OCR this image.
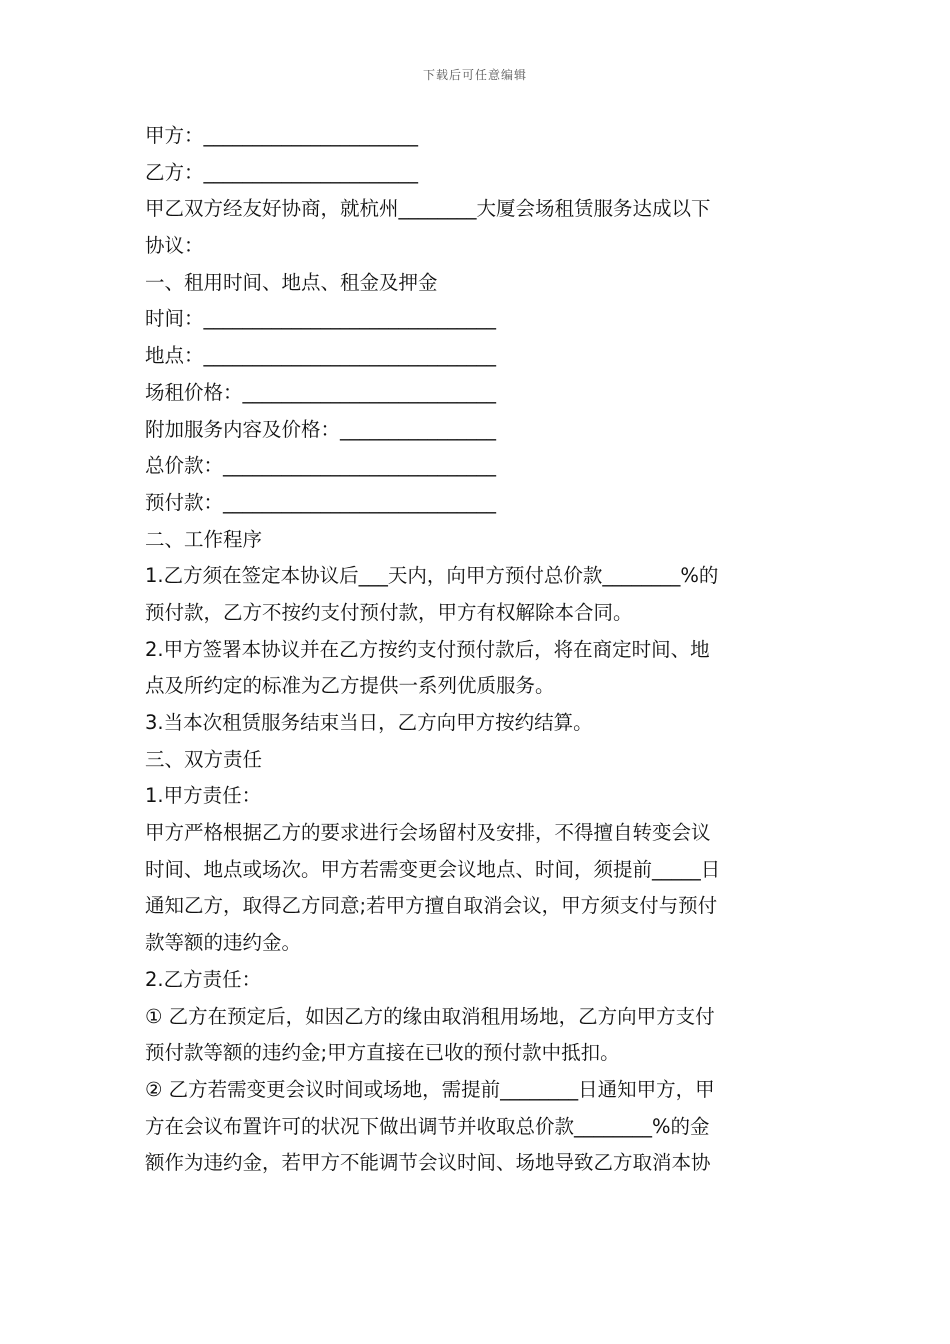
下载后可任意编辑
甲方：______________________
乙方：______________________
甲乙双方经友好协商，就杭州________大厦会场租赁服务达成以下
协议：
一、租用时间、地点、租金及押金
时间：______________________________
地点：______________________________
场租价格：__________________________
附加服务内容及价格：________________
总价款：____________________________
预付款：____________________________
二、工作程序
1.乙方须在签定本协议后___天内，向甲方预付总价款________%的
预付款，乙方不按约支付预付款，甲方有权解除本合同。
2.甲方签署本协议并在乙方按约支付预付款后，将在商定时间、地
点及所约定的标准为乙方提供一系列优质服务。
3.当本次租赁服务结束当日，乙方向甲方按约结算。
三、双方责任
1.甲方责任：
甲方严格根据乙方的要求进行会场留村及安排，不得擅自转变会议
时间、地点或场次。甲方若需变更会议地点、时间，须提前_____日
通知乙方，取得乙方同意;若甲方擅自取消会议，甲方须支付与预付
款等额的违约金。
2.乙方责任：
① 乙方在预定后，如因乙方的缘由取消租用场地，乙方向甲方支付
预付款等额的违约金;甲方直接在已收的预付款中抵扣。
② 乙方若需变更会议时间或场地，需提前________日通知甲方，甲
方在会议布置许可的状况下做出调节并收取总价款________%的金
额作为违约金，若甲方不能调节会议时间、场地导致乙方取消本协
